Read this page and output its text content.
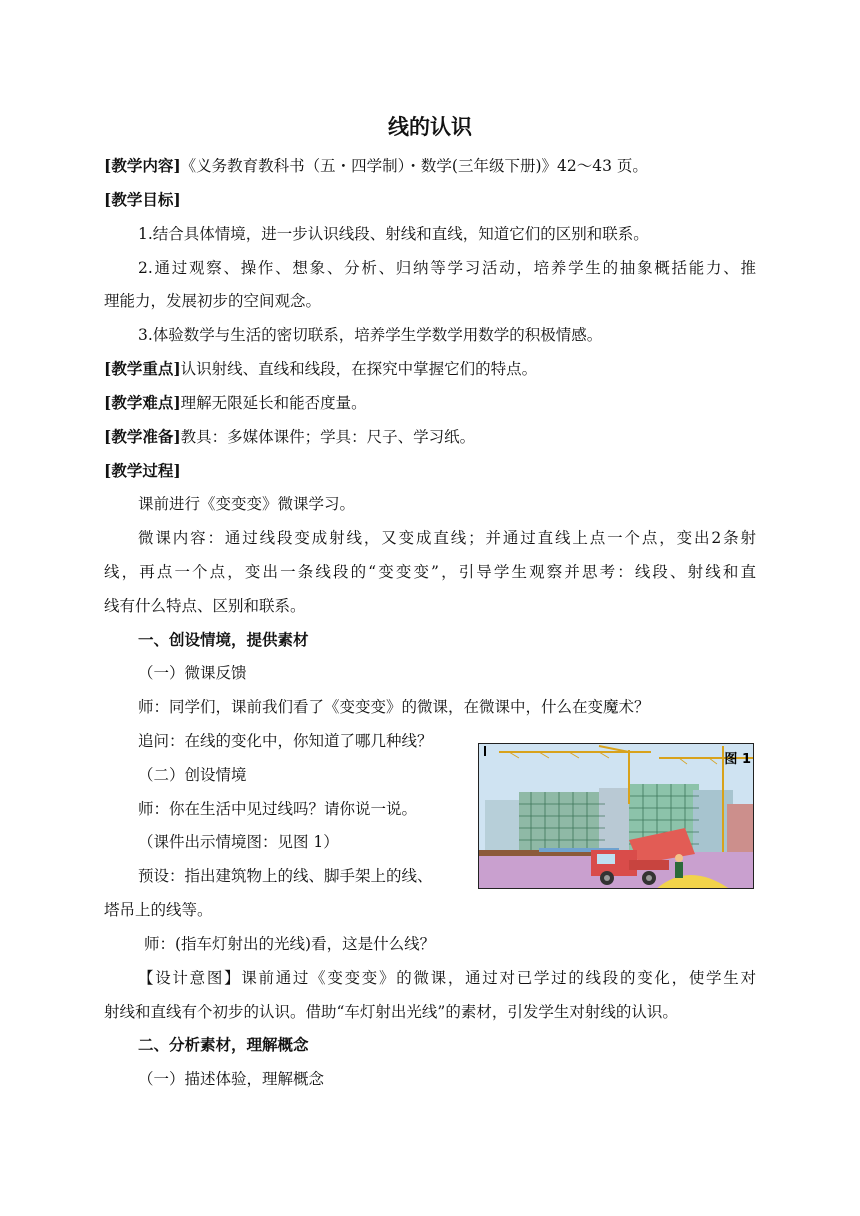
线的认识
[教学内容]《义务教育教科书（五・四学制）・数学(三年级下册)》42～43 页。
[教学目标]
1.结合具体情境，进一步认识线段、射线和直线，知道它们的区别和联系。
2.通过观察、操作、想象、分析、归纳等学习活动，培养学生的抽象概括能力、推
理能力，发展初步的空间观念。
3.体验数学与生活的密切联系，培养学生学数学用数学的积极情感。
[教学重点]认识射线、直线和线段，在探究中掌握它们的特点。
[教学难点]理解无限延长和能否度量。
[教学准备]教具：多媒体课件；学具：尺子、学习纸。
[教学过程]
课前进行《变变变》微课学习。
微课内容：通过线段变成射线，又变成直线；并通过直线上点一个点，变出2条射
线，再点一个点，变出一条线段的“变变变”，引导学生观察并思考：线段、射线和直
线有什么特点、区别和联系。
一、创设情境，提供素材
（一）微课反馈
师：同学们，课前我们看了《变变变》的微课，在微课中，什么在变魔术？
追问：在线的变化中，你知道了哪几种线？
（二）创设情境
师：你在生活中见过线吗？请你说一说。
（课件出示情境图：见图 1）
预设：指出建筑物上的线、脚手架上的线、
塔吊上的线等。
师：(指车灯射出的光线)看，这是什么线？
【设计意图】课前通过《变变变》的微课，通过对已学过的线段的变化，使学生对
射线和直线有个初步的认识。借助“车灯射出光线”的素材，引发学生对射线的认识。
二、分析素材，理解概念
（一）描述体验，理解概念
图 1
